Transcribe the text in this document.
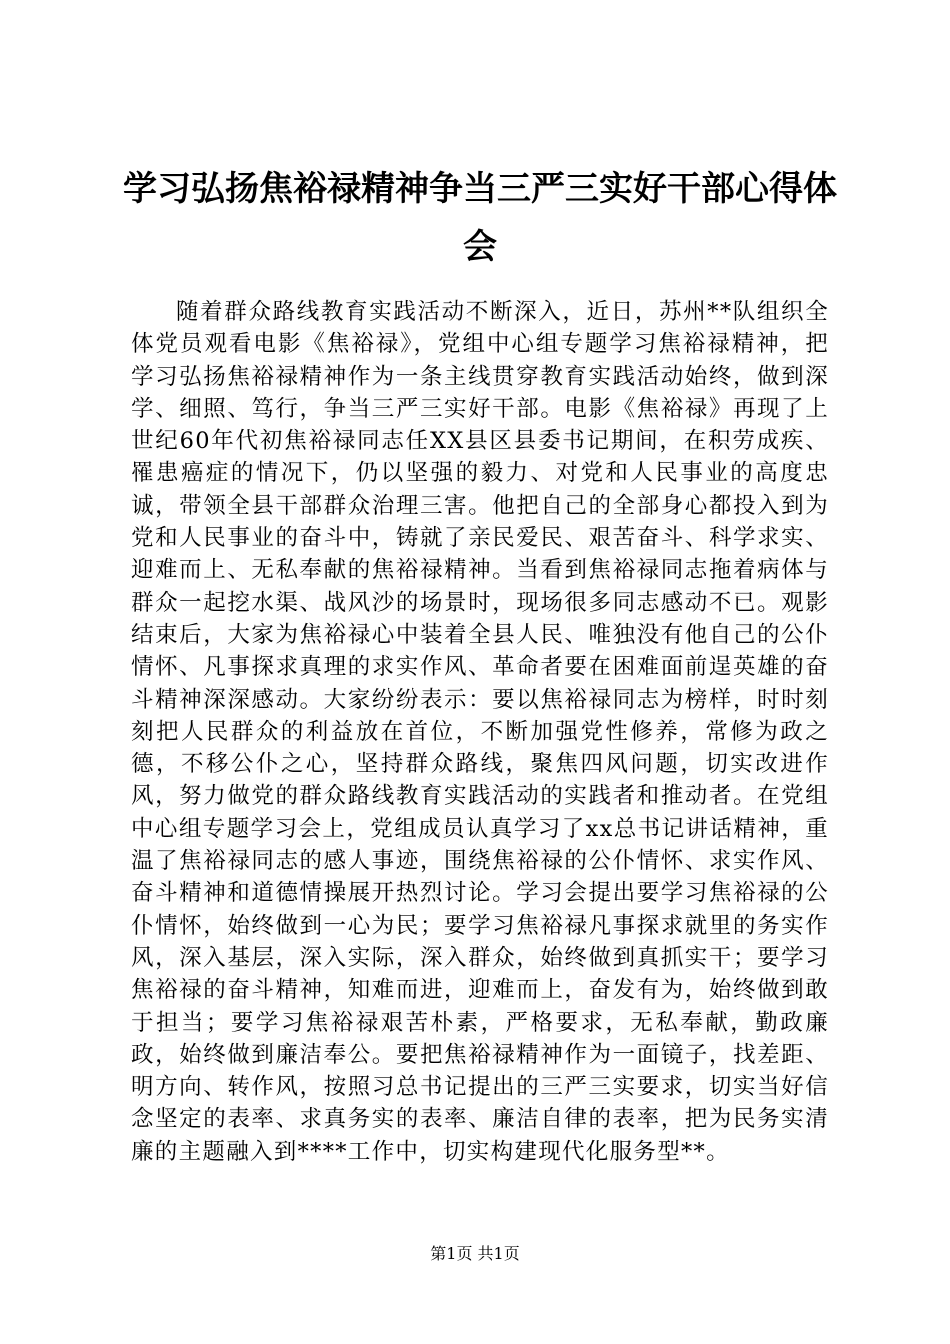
学习弘扬焦裕禄精神争当三严三实好干部心得体会

随着群众路线教育实践活动不断深入，近日，苏州**队组织全体党员观看电影《焦裕禄》，党组中心组专题学习焦裕禄精神，把学习弘扬焦裕禄精神作为一条主线贯穿教育实践活动始终，做到深学、细照、笃行，争当三严三实好干部。电影《焦裕禄》再现了上世纪60年代初焦裕禄同志任XX县区县委书记期间，在积劳成疾、罹患癌症的情况下，仍以坚强的毅力、对党和人民事业的高度忠诚，带领全县干部群众治理三害。他把自己的全部身心都投入到为党和人民事业的奋斗中，铸就了亲民爱民、艰苦奋斗、科学求实、迎难而上、无私奉献的焦裕禄精神。当看到焦裕禄同志拖着病体与群众一起挖水渠、战风沙的场景时，现场很多同志感动不已。观影结束后，大家为焦裕禄心中装着全县人民、唯独没有他自己的公仆情怀、凡事探求真理的求实作风、革命者要在困难面前逞英雄的奋斗精神深深感动。大家纷纷表示：要以焦裕禄同志为榜样，时时刻刻把人民群众的利益放在首位，不断加强党性修养，常修为政之德，不移公仆之心，坚持群众路线，聚焦四风问题，切实改进作风，努力做党的群众路线教育实践活动的实践者和推动者。在党组中心组专题学习会上，党组成员认真学习了xx总书记讲话精神，重温了焦裕禄同志的感人事迹，围绕焦裕禄的公仆情怀、求实作风、奋斗精神和道德情操展开热烈讨论。学习会提出要学习焦裕禄的公仆情怀，始终做到一心为民；要学习焦裕禄凡事探求就里的务实作风，深入基层，深入实际，深入群众，始终做到真抓实干；要学习焦裕禄的奋斗精神，知难而进，迎难而上，奋发有为，始终做到敢于担当；要学习焦裕禄艰苦朴素，严格要求，无私奉献，勤政廉政，始终做到廉洁奉公。要把焦裕禄精神作为一面镜子，找差距、明方向、转作风，按照习总书记提出的三严三实要求，切实当好信念坚定的表率、求真务实的表率、廉洁自律的表率，把为民务实清廉的主题融入到****工作中，切实构建现代化服务型**。

第1页 共1页
